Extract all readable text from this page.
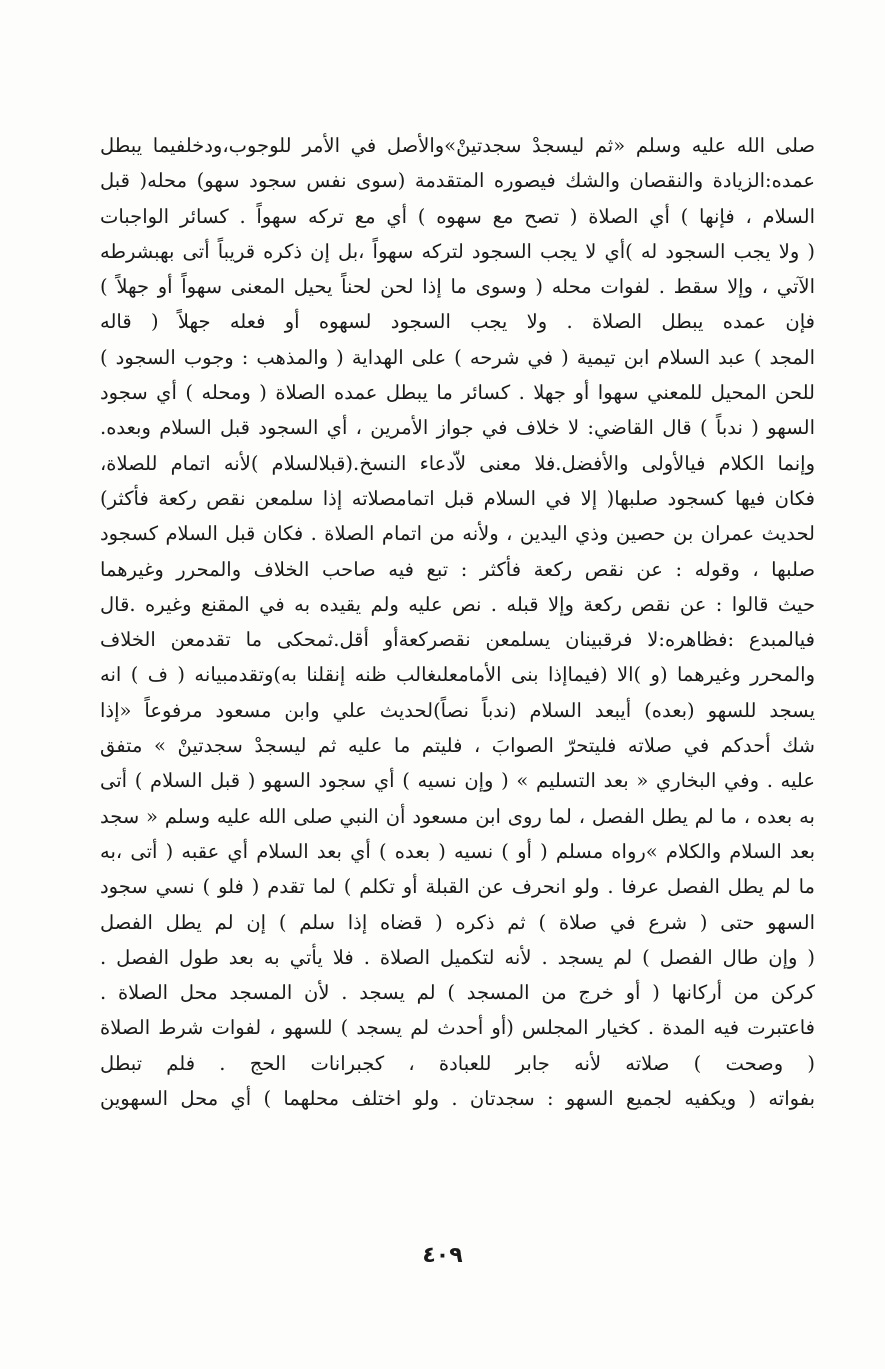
صلى الله عليه وسلم «ثم ليسجدْ سجدتينْ»والأصل في الأمر للوجوب،ودخلفيما يبطل
عمده:الزيادة والنقصان والشك فيصوره المتقدمة (سوى نفس سجود سهو) محله( قبل
السلام ، فإنها ) أي الصلاة ( تصح مع سهوه ) أي مع تركه سهواً . كسائر الواجبات
( ولا يجب السجود له )أي لا يجب السجود لتركه سهواً ،بل إن ذكره قريباً أتى بهبشرطه
الآتي ، وإلا سقط . لفوات محله ( وسوى ما إذا لحن لحناً يحيل المعنى سهواً أو جهلاً )
فإن عمده يبطل الصلاة . ولا يجب السجود لسهوه أو فعله جهلاً ( قاله
المجد ) عبد السلام ابن تيمية ( في شرحه ) على الهداية ( والمذهب : وجوب السجود )
للحن المحيل للمعني سهوا أو جهلا . كسائر ما يبطل عمده الصلاة ( ومحله ) أي سجود
السهو ( ندباً ) قال القاضي: لا خلاف في جواز الأمرين ، أي السجود قبل السلام وبعده.
وإنما الكلام فيالأولى والأفضل.فلا معنى لاّدعاء النسخ.(قبلالسلام )لأنه اتمام للصلاة،
فكان فيها كسجود صلبها( إلا في السلام قبل اتمامصلاته إذا سلمعن نقص ركعة فأكثر)
لحديث عمران بن حصين وذي اليدين ، ولأنه من اتمام الصلاة . فكان قبل السلام كسجود
صلبها ، وقوله : عن نقص ركعة فأكثر : تبع فيه صاحب الخلاف والمحرر وغيرهما
حيث قالوا : عن نقص ركعة وإلا قبله . نص عليه ولم يقيده به في المقنع وغيره .قال
فيالمبدع :فظاهره:لا فرقبينان يسلمعن نقصركعةأو أقل.ثمحكى ما تقدمعن الخلاف
والمحرر وغيرهما (و )الا (فيماإذا بنى الأمامعلىغالب ظنه إنقلنا به)وتقدمبيانه ( ف ) انه
يسجد للسهو (بعده) أيبعد السلام (ندباً نصاً)لحديث علي وابن مسعود مرفوعاً «إذا
شك أحدكم في صلاته فليتحرّ الصوابَ ، فليتم ما عليه ثم ليسجدْ سجدتينْ » متفق
عليه . وفي البخاري « بعد التسليم » ( وإن نسيه ) أي سجود السهو ( قبل السلام ) أتى
به بعده ، ما لم يطل الفصل ، لما روى ابن مسعود أن النبي صلى الله عليه وسلم « سجد
بعد السلام والكلام »رواه مسلم ( أو ) نسيه ( بعده ) أي بعد السلام أي عقبه ( أتى ،به
ما لم يطل الفصل عرفا . ولو انحرف عن القبلة أو تكلم ) لما تقدم ( فلو ) نسي سجود
السهو حتى ( شرع في صلاة ) ثم ذكره ( قضاه إذا سلم ) إن لم يطل الفصل
( وإن طال الفصل ) لم يسجد . لأنه لتكميل الصلاة . فلا يأتي به بعد طول الفصل .
كركن من أركانها ( أو خرج من المسجد ) لم يسجد . لأن المسجد محل الصلاة .
فاعتبرت فيه المدة . كخيار المجلس (أو أحدث لم يسجد ) للسهو ، لفوات شرط الصلاة
( وصحت ) صلاته لأنه جابر للعبادة ، كجبرانات الحج . فلم تبطل
بفواته ( ويكفيه لجميع السهو : سجدتان . ولو اختلف محلهما ) أي محل السهوين
٤٠٩
